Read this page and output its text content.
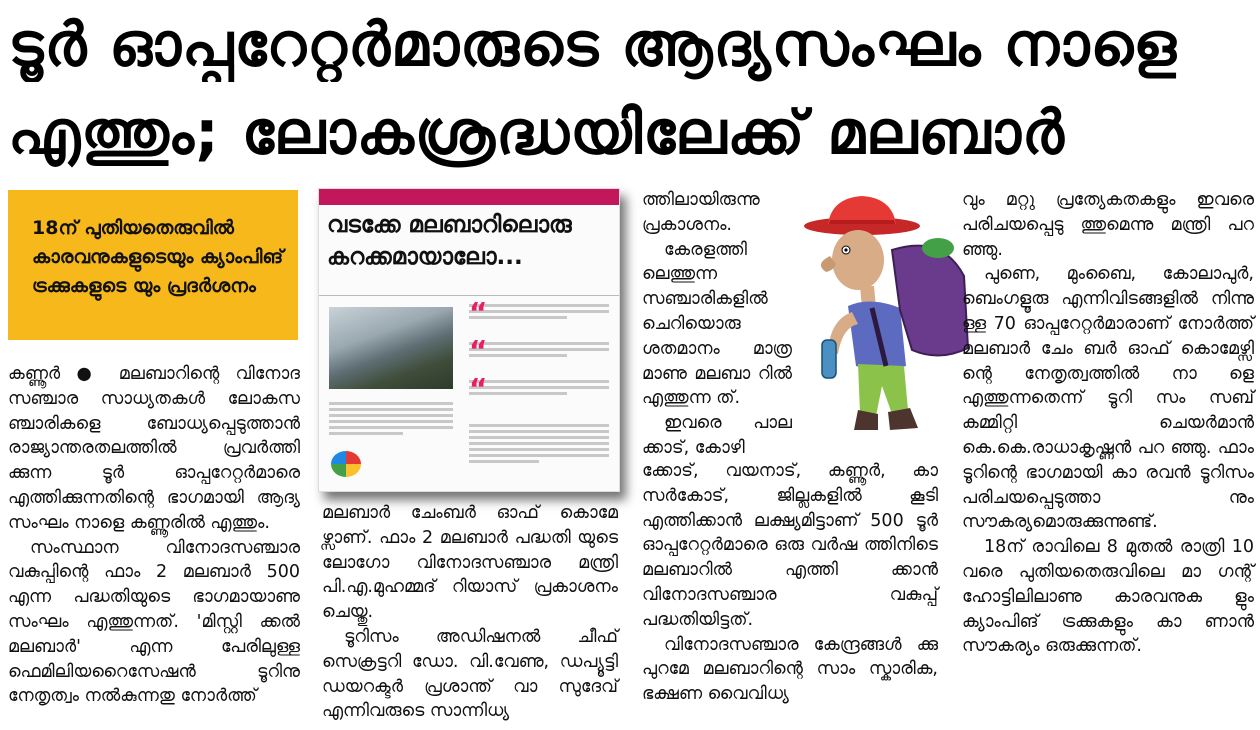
ടൂർ ഓപ്പറേറ്റർമാരുടെ ആദ്യസംഘം നാളെ
എത്തും; ലോകശ്രദ്ധയിലേക്ക് മലബാർ

18ന് പുതിയതെരുവിൽ കാരവനുകളുടെയും ക്യാംപിങ് ട്രക്കുകളുടെ യും പ്രദർശനം

കണ്ണൂർ ● മലബാറിന്റെ വിനോദ സഞ്ചാര സാധ്യതകൾ ലോകസ ഞ്ചാരികളെ ബോധ്യപ്പെടുത്താൻ രാജ്യാന്തരതലത്തിൽ പ്രവർത്തി ക്കുന്ന ടൂർ ഓപ്പറേറ്റർമാരെ എത്തിക്കുന്നതിന്റെ ഭാഗമായി ആദ്യ സംഘം നാളെ കണ്ണൂരിൽ എത്തും.

സംസ്ഥാന വിനോദസഞ്ചാര വകുപ്പിന്റെ ഫാം 2 മലബാർ 500 എന്ന പദ്ധതിയുടെ ഭാഗമായാണു സംഘം എത്തുന്നത്. 'മിസ്റ്റി ക്കൽ മലബാർ' എന്ന പേരിലുള്ള ഫെമിലിയറൈസേഷൻ ടൂറിനു നേതൃത്വം നൽകുന്നതു നോർത്ത്

വടക്കേ മലബാറിലൊരു കറക്കമായാലോ...

“
“
“

മലബാർ ചേംബർ ഓഫ് കൊമേ ഴ്സാണ്. ഫാം 2 മലബാർ പദ്ധതി യുടെ ലോഗോ വിനോദസഞ്ചാര മന്ത്രി പി.എ.മുഹമ്മദ് റിയാസ് പ്രകാശനം ചെയ്തു.

ടൂറിസം അഡിഷനൽ ചീഫ് സെക്രട്ടറി ഡോ. വി.വേണു, ഡപ്യൂട്ടി ഡയറക്ടർ പ്രശാന്ത് വാ സുദേവ് എന്നിവരുടെ സാന്നിധ്യ

ത്തിലായിരുന്നു പ്രകാശനം.

കേരളത്തി ലെത്തുന്ന സഞ്ചാരികളിൽ ചെറിയൊരു ശതമാനം മാത്ര മാണു മലബാ റിൽ എത്തുന്ന ത്.

ഇവരെ പാല ക്കാട്, കോഴി

ക്കോട്, വയനാട്, കണ്ണൂർ, കാ സർകോട്, ജില്ലകളിൽ കൂടി എത്തിക്കാൻ ലക്ഷ്യമിട്ടാണ് 500 ടൂർ ഓപ്പറേറ്റർമാരെ ഒരു വർഷ ത്തിനിടെ മലബാറിൽ എത്തി ക്കാൻ വിനോദസഞ്ചാര വകുപ്പ് പദ്ധതിയിട്ടത്.

വിനോദസഞ്ചാര കേന്ദ്രങ്ങൾ ക്കു പുറമേ മലബാറിന്റെ സാം സ്കാരിക, ഭക്ഷണ വൈവിധ്യ

വും മറ്റു പ്രത്യേകതകളും ഇവരെ പരിചയപ്പെടു ത്തുമെന്നു മന്ത്രി പറ ഞ്ഞു.

പുണെ, മുംബൈ, കോലാപുർ, ബെംഗളൂരു എന്നിവിടങ്ങളിൽ നിന്നു ള്ള 70 ഓപ്പറേറ്റർമാരാണ് നോർത്ത് മലബാർ ചേം ബർ ഓഫ് കൊമേഴ്സി ന്റെ നേതൃത്വത്തിൽ നാ ളെ എത്തുന്നതെന്ന് ടൂറി സം സബ് കമ്മിറ്റി ചെയർമാൻ കെ.കെ.രാധാകൃഷ്ണൻ പറ ഞ്ഞു. ഫാം ടൂറിന്റെ ഭാഗമായി കാ രവൻ ടൂറിസം പരിചയപ്പെടുത്താ നും സൗകര്യമൊരുക്കുന്നുണ്ട്.

18ന് രാവിലെ 8 മുതൽ രാത്രി 10 വരെ പുതിയതെരുവിലെ മാ ഗന്റ് ഹോട്ടിലിലാണു കാരവനുക ളും ക്യാംപിങ് ട്രക്കുകളും കാ ണാൻ സൗകര്യം ഒരുക്കുന്നത്.
